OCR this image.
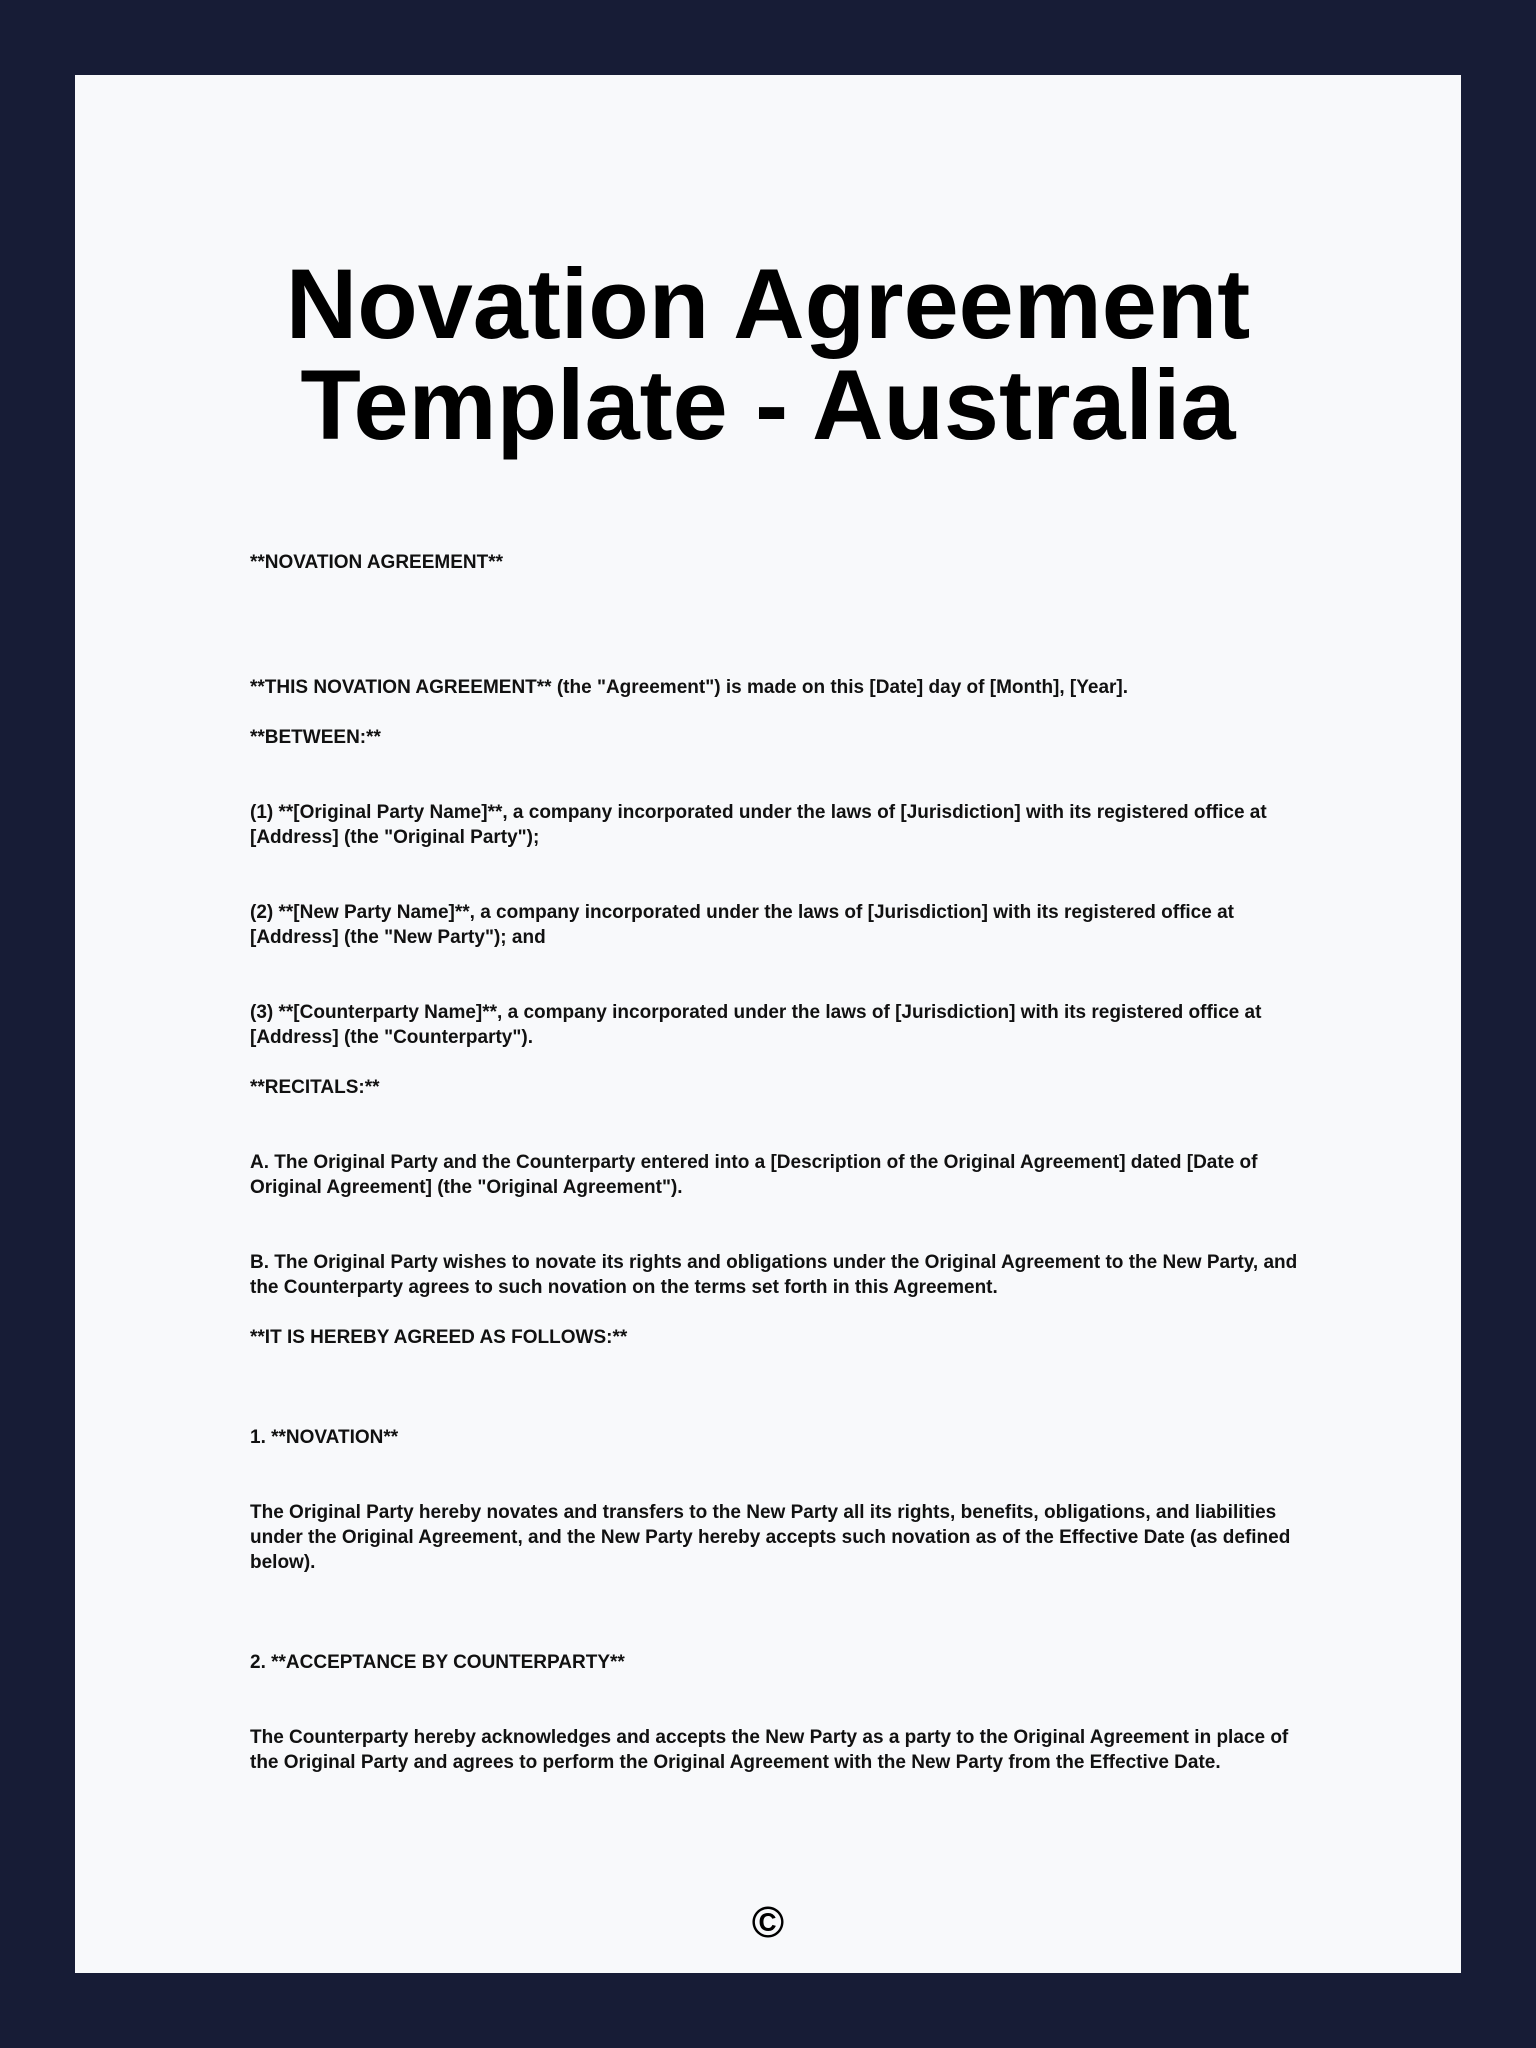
Novation Agreement
Template - Australia

**NOVATION AGREEMENT**

**THIS NOVATION AGREEMENT** (the "Agreement") is made on this [Date] day of [Month], [Year].

**BETWEEN:**

(1) **[Original Party Name]**, a company incorporated under the laws of [Jurisdiction] with its registered office at [Address] (the "Original Party");

(2) **[New Party Name]**, a company incorporated under the laws of [Jurisdiction] with its registered office at [Address] (the "New Party"); and

(3) **[Counterparty Name]**, a company incorporated under the laws of [Jurisdiction] with its registered office at [Address] (the "Counterparty").

**RECITALS:**

A. The Original Party and the Counterparty entered into a [Description of the Original Agreement] dated [Date of Original Agreement] (the "Original Agreement").

B. The Original Party wishes to novate its rights and obligations under the Original Agreement to the New Party, and the Counterparty agrees to such novation on the terms set forth in this Agreement.

**IT IS HEREBY AGREED AS FOLLOWS:**

1. **NOVATION**

The Original Party hereby novates and transfers to the New Party all its rights, benefits, obligations, and liabilities under the Original Agreement, and the New Party hereby accepts such novation as of the Effective Date (as defined below).

2. **ACCEPTANCE BY COUNTERPARTY**

The Counterparty hereby acknowledges and accepts the New Party as a party to the Original Agreement in place of the Original Party and agrees to perform the Original Agreement with the New Party from the Effective Date.

©
